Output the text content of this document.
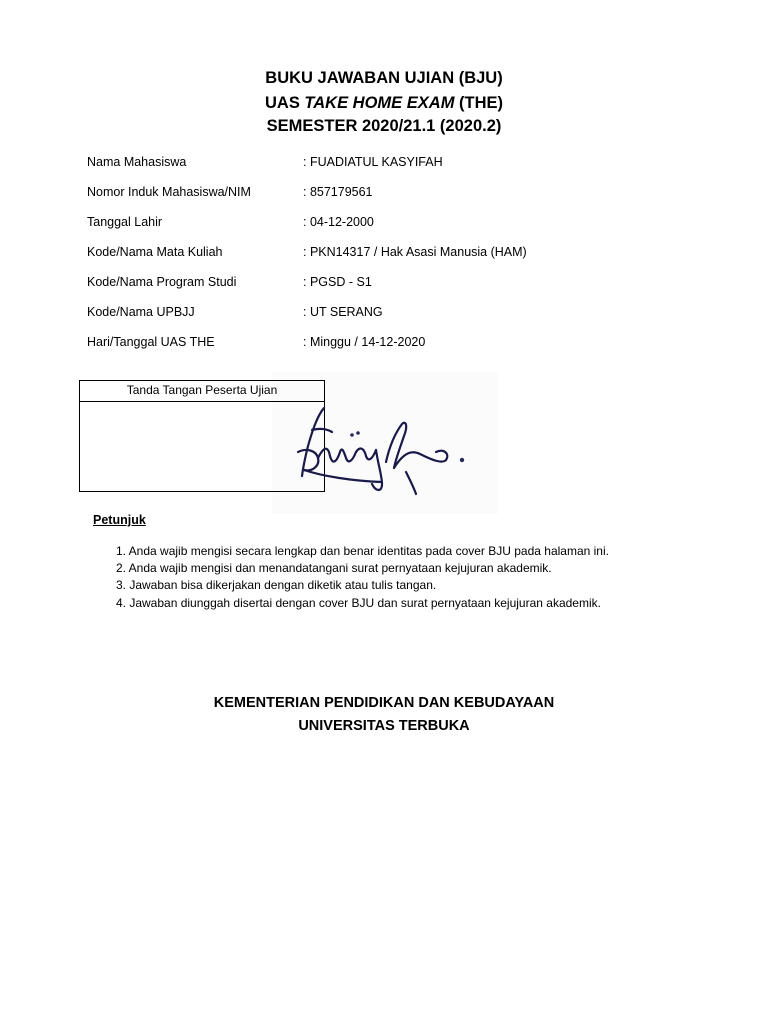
BUKU JAWABAN UJIAN (BJU)
UAS TAKE HOME EXAM (THE)
SEMESTER 2020/21.1 (2020.2)
Nama Mahasiswa	: FUADIATUL KASYIFAH
Nomor Induk Mahasiswa/NIM	: 857179561
Tanggal Lahir	: 04-12-2000
Kode/Nama Mata Kuliah	: PKN14317 / Hak Asasi Manusia (HAM)
Kode/Nama Program Studi	: PGSD - S1
Kode/Nama UPBJJ	: UT SERANG
Hari/Tanggal UAS THE	: Minggu / 14-12-2020
Tanda Tangan Peserta Ujian
Petunjuk
1. Anda wajib mengisi secara lengkap dan benar identitas pada cover BJU pada halaman ini.
2. Anda wajib mengisi dan menandatangani surat pernyataan kejujuran akademik.
3. Jawaban bisa dikerjakan dengan diketik atau tulis tangan.
4. Jawaban diunggah disertai dengan cover BJU dan surat pernyataan kejujuran akademik.
KEMENTERIAN PENDIDIKAN DAN KEBUDAYAAN
UNIVERSITAS TERBUKA
